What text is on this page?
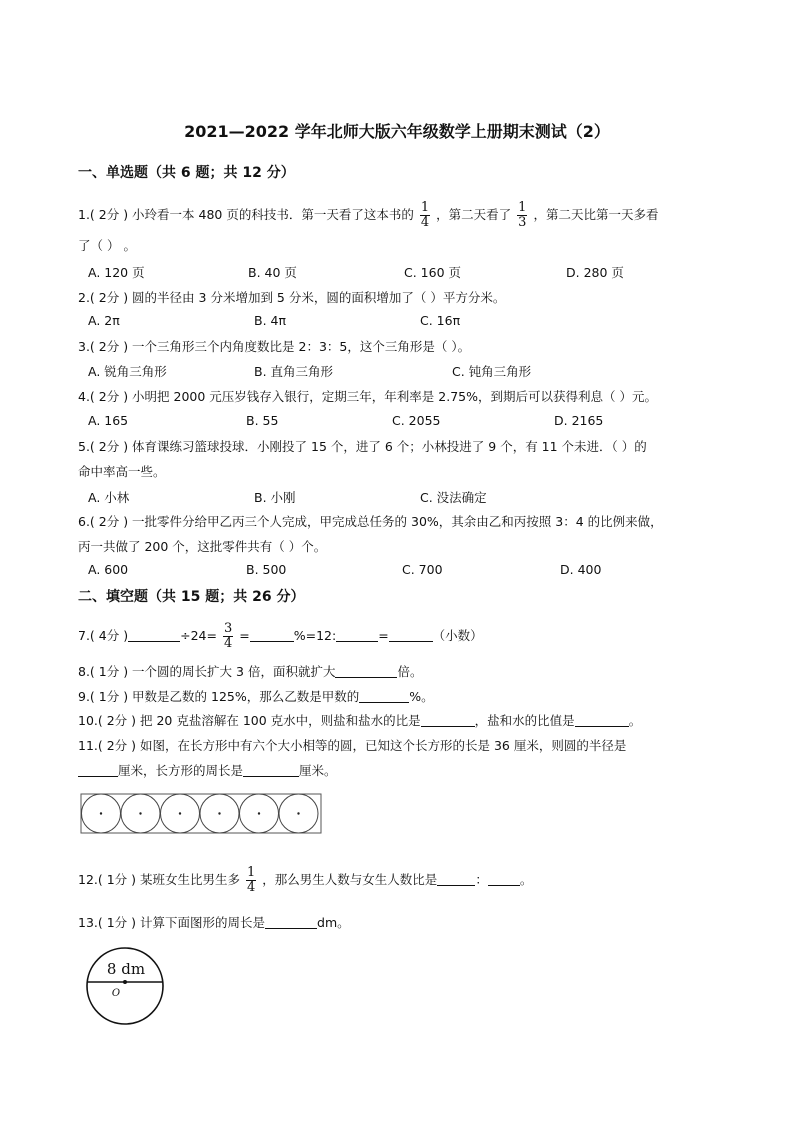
2021—2022 学年北师大版六年级数学上册期末测试（2）
一、单选题（共 6 题；共 12 分）
1.( 2分 ) 小玲看一本 480 页的科技书．第一天看了这本书的 $\frac{1}{4}$ ，第二天看了 $\frac{1}{3}$ ，第二天比第一天多看
了（ ） 。
A. 120 页	B. 40 页	C. 160 页	D. 280 页
2.( 2分 ) 圆的半径由 3 分米增加到 5 分米，圆的面积增加了（ ）平方分米。
A. 2π	B. 4π	C. 16π
3.( 2分 ) 一个三角形三个内角度数比是 2：3：5，这个三角形是（ ）。
A. 锐角三角形	B. 直角三角形	C. 钝角三角形
4.( 2分 ) 小明把 2000 元压岁钱存入银行，定期三年，年利率是 2.75%，到期后可以获得利息（ ）元。
A. 165	B. 55	C. 2055	D. 2165
5.( 2分 ) 体育课练习篮球投球．小刚投了 15 个，进了 6 个；小林投进了 9 个，有 11 个未进．（ ）的
命中率高一些。
A. 小林	B. 小刚	C. 没法确定
6.( 2分 ) 一批零件分给甲乙丙三个人完成，甲完成总任务的 30%，其余由乙和丙按照 3：4 的比例来做，
丙一共做了 200 个，这批零件共有（ ）个。
A. 600	B. 500	C. 700	D. 400
二、填空题（共 15 题；共 26 分）
7.( 4分 )	$\div 24= \frac{3}{4}$ =	%=12:	=	（小数）
8.( 1分 ) 一个圆的周长扩大 3 倍，面积就扩大	倍。
9.( 1分 ) 甲数是乙数的 125%，那么乙数是甲数的	%。
10.( 2分 ) 把 20 克盐溶解在 100 克水中，则盐和盐水的比是	，盐和水的比值是	。
11.( 2分 ) 如图，在长方形中有六个大小相等的圆，已知这个长方形的长是 36 厘米，则圆的半径是
厘米，长方形的周长是	厘米。
12.( 1分 ) 某班女生比男生多 $\frac{1}{4}$ ，那么男生人数与女生人数比是	：	。
13.( 1分 ) 计算下面图形的周长是	dm。
8 dm
O
